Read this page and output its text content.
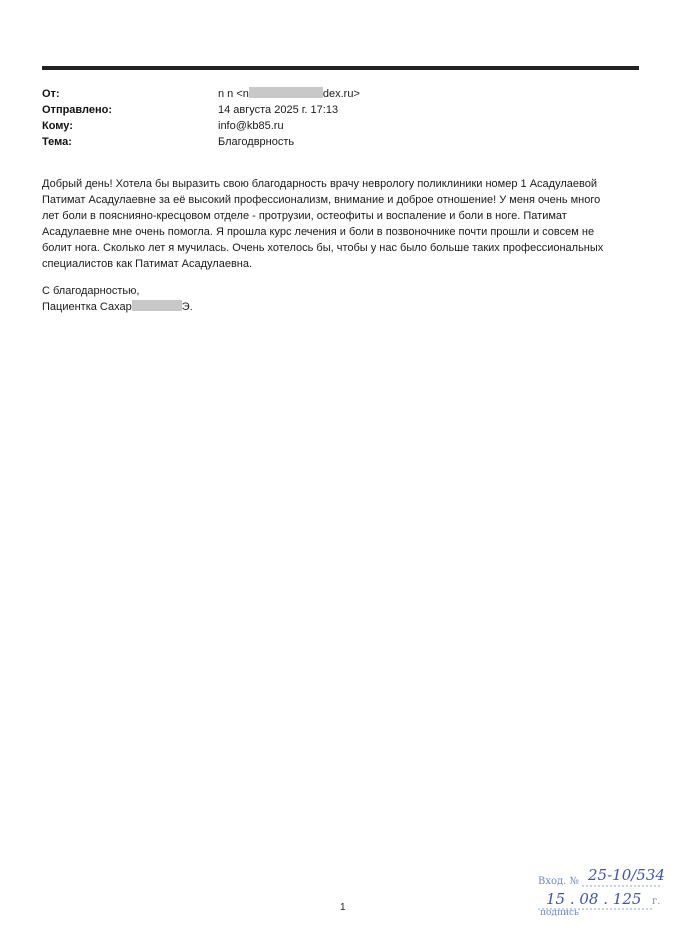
От:	n n <n	dex.ru>
Отправлено:	14 августа 2025 г. 17:13
Кому:	info@kb85.ru
Тема:	Благодврность

Добрый день! Хотела бы выразить свою благодарность врачу неврологу поликлиники номер 1 Асадулаевой

Патимат Асадулаевне за её высокий профессионализм, внимание и доброе отношение! У меня очень много

лет боли в поясниянo-кресцовом отделе - протрузии, остеофиты и воспаление и боли в ноге. Патимат

Асадулаевне мне очень помогла. Я прошла курс лечения и боли в позвоночнике почти прошли и совсем не

болит нога. Сколько лет я мучилась. Очень хотелось бы, чтобы у нас было больше таких профессиональных

специалистов как Патимат Асадулаевна.

С благодарностью,

Пациентка Сахар	Э.

1
Вход. № 25-10/534
15 . 08 . 125 г.
подпись
